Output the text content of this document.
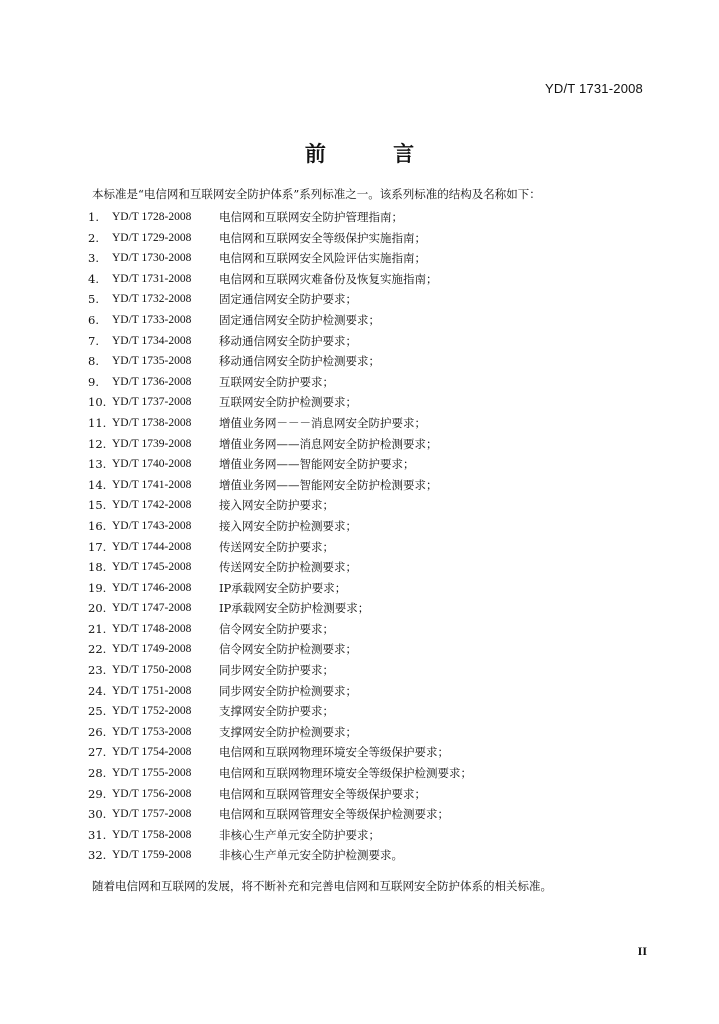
YD/T 1731-2008
前 言
本标准是“电信网和互联网安全防护体系”系列标准之一。该系列标准的结构及名称如下：
1.	YD/T 1728-2008	电信网和互联网安全防护管理指南；
2.	YD/T 1729-2008	电信网和互联网安全等级保护实施指南；
3.	YD/T 1730-2008	电信网和互联网安全风险评估实施指南；
4.	YD/T 1731-2008	电信网和互联网灾难备份及恢复实施指南；
5.	YD/T 1732-2008	固定通信网安全防护要求；
6.	YD/T 1733-2008	固定通信网安全防护检测要求；
7.	YD/T 1734-2008	移动通信网安全防护要求；
8.	YD/T 1735-2008	移动通信网安全防护检测要求；
9.	YD/T 1736-2008	互联网安全防护要求；
10. YD/T 1737-2008	互联网安全防护检测要求；
11. YD/T 1738-2008	增值业务网－－－消息网安全防护要求；
12. YD/T 1739-2008	增值业务网——消息网安全防护检测要求；
13. YD/T 1740-2008	增值业务网——智能网安全防护要求；
14. YD/T 1741-2008	增值业务网——智能网安全防护检测要求；
15. YD/T 1742-2008	接入网安全防护要求；
16. YD/T 1743-2008	接入网安全防护检测要求；
17. YD/T 1744-2008	传送网安全防护要求；
18. YD/T 1745-2008	传送网安全防护检测要求；
19. YD/T 1746-2008	IP承载网安全防护要求；
20. YD/T 1747-2008	IP承载网安全防护检测要求；
21. YD/T 1748-2008	信令网安全防护要求；
22. YD/T 1749-2008	信令网安全防护检测要求；
23. YD/T 1750-2008	同步网安全防护要求；
24. YD/T 1751-2008	同步网安全防护检测要求；
25. YD/T 1752-2008	支撑网安全防护要求；
26. YD/T 1753-2008	支撑网安全防护检测要求；
27. YD/T 1754-2008	电信网和互联网物理环境安全等级保护要求；
28. YD/T 1755-2008	电信网和互联网物理环境安全等级保护检测要求；
29. YD/T 1756-2008	电信网和互联网管理安全等级保护要求；
30. YD/T 1757-2008	电信网和互联网管理安全等级保护检测要求；
31. YD/T 1758-2008	非核心生产单元安全防护要求；
32. YD/T 1759-2008	非核心生产单元安全防护检测要求。
随着电信网和互联网的发展，将不断补充和完善电信网和互联网安全防护体系的相关标准。
II
